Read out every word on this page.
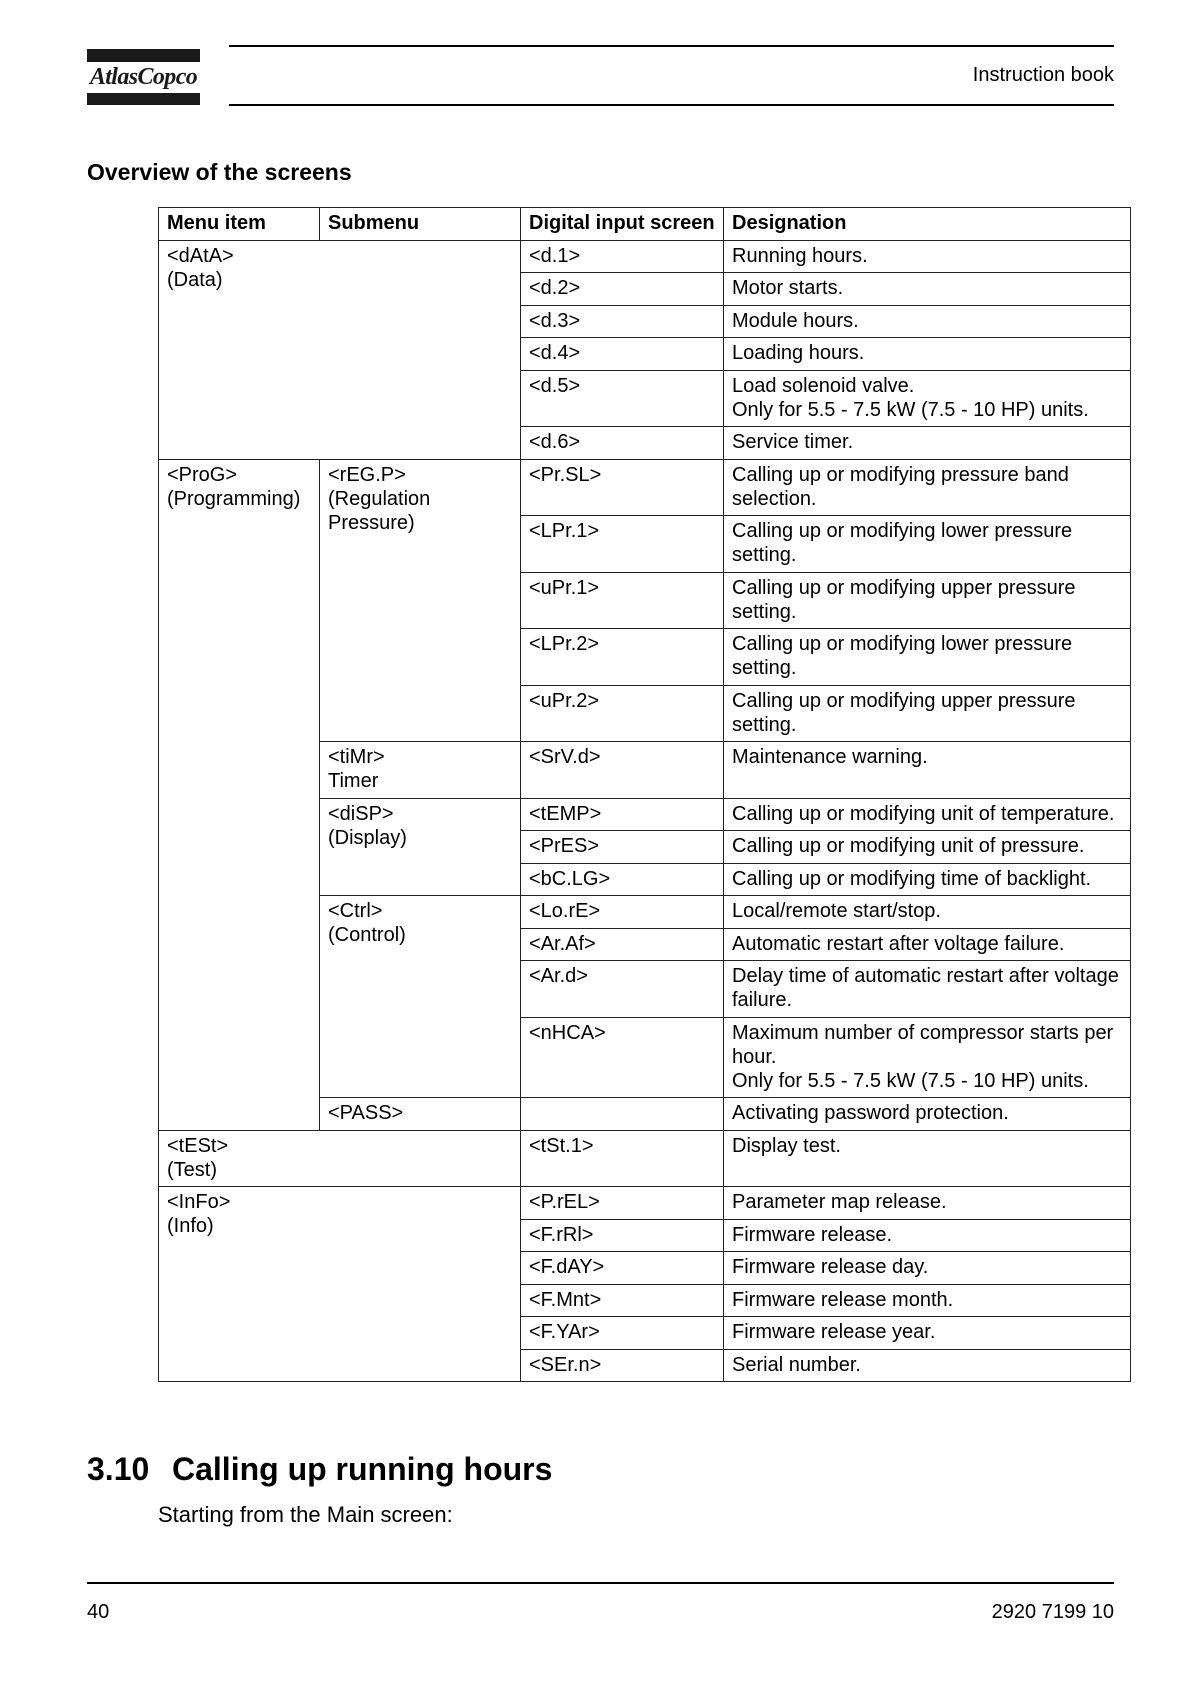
AtlasCopco	Instruction book
Overview of the screens
Menu item	Submenu	Digital input screen	Designation
<dAtA>
(Data)		<d.1>	Running hours.
		<d.2>	Motor starts.
		<d.3>	Module hours.
		<d.4>	Loading hours.
		<d.5>	Load solenoid valve.
Only for 5.5 - 7.5 kW (7.5 - 10 HP) units.
		<d.6>	Service timer.
<ProG>
(Programming)	<rEG.P>
(Regulation Pressure)	<Pr.SL>	Calling up or modifying pressure band selection.
		<LPr.1>	Calling up or modifying lower pressure setting.
		<uPr.1>	Calling up or modifying upper pressure setting.
		<LPr.2>	Calling up or modifying lower pressure setting.
		<uPr.2>	Calling up or modifying upper pressure setting.
	<tiMr>
Timer	<SrV.d>	Maintenance warning.
	<diSP>
(Display)	<tEMP>	Calling up or modifying unit of temperature.
		<PrES>	Calling up or modifying unit of pressure.
		<bC.LG>	Calling up or modifying time of backlight.
	<Ctrl>
(Control)	<Lo.rE>	Local/remote start/stop.
		<Ar.Af>	Automatic restart after voltage failure.
		<Ar.d>	Delay time of automatic restart after voltage failure.
		<nHCA>	Maximum number of compressor starts per hour.
Only for 5.5 - 7.5 kW (7.5 - 10 HP) units.
	<PASS>		Activating password protection.
<tESt>
(Test)		<tSt.1>	Display test.
<InFo>
(Info)		<P.rEL>	Parameter map release.
		<F.rRl>	Firmware release.
		<F.dAY>	Firmware release day.
		<F.Mnt>	Firmware release month.
		<F.YAr>	Firmware release year.
		<SEr.n>	Serial number.
3.10 Calling up running hours
Starting from the Main screen:
40	2920 7199 10
